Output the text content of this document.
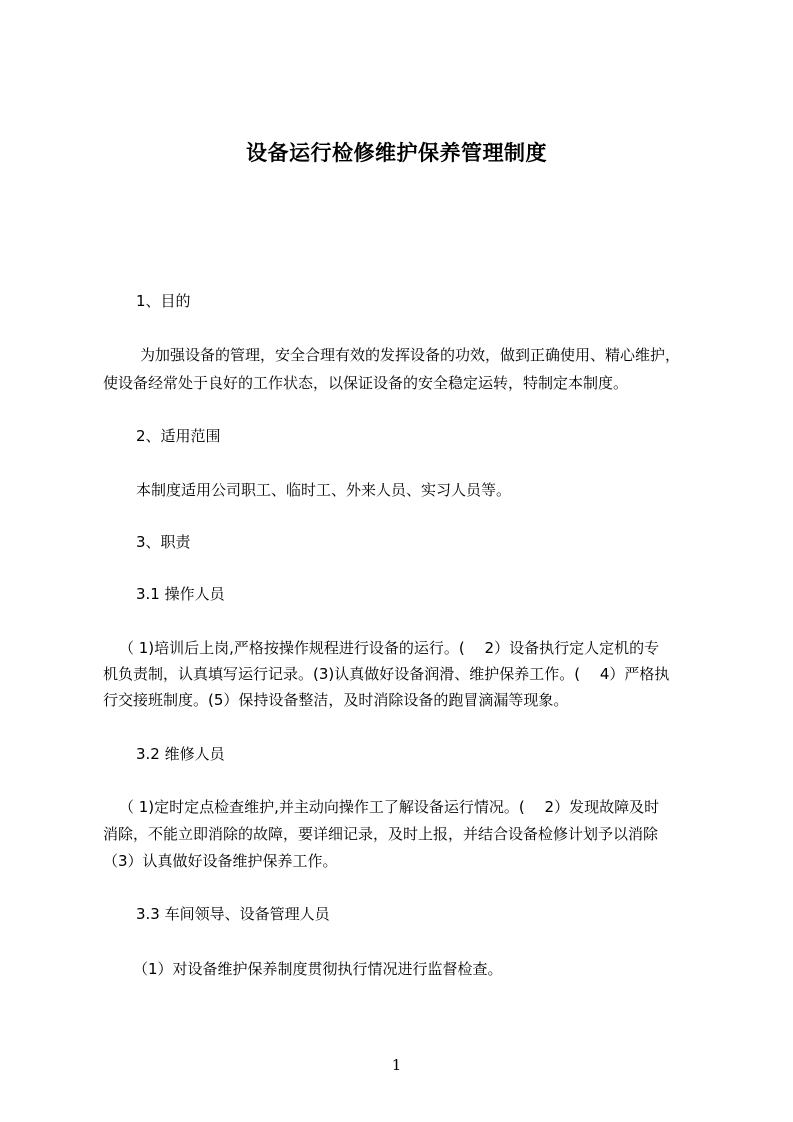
设备运行检修维护保养管理制度
1、目的
为加强设备的管理，安全合理有效的发挥设备的功效，做到正确使用、精心维护，
使设备经常处于良好的工作状态，以保证设备的安全稳定运转，特制定本制度。
2、适用范围
本制度适用公司职工、临时工、外来人员、实习人员等。
3、职责
3.1 操作人员
（ 1)培训后上岗,严格按操作规程进行设备的运行。(　 2）设备执行定人定机的专
机负责制，认真填写运行记录。(3)认真做好设备润滑、维护保养工作。(　 4）严格执
行交接班制度。(5）保持设备整洁，及时消除设备的跑冒滴漏等现象。
3.2 维修人员
（ 1)定时定点检查维护,并主动向操作工了解设备运行情况。(　 2）发现故障及时
消除，不能立即消除的故障，要详细记录，及时上报，并结合设备检修计划予以消除
（3）认真做好设备维护保养工作。
3.3 车间领导、设备管理人员
（1）对设备维护保养制度贯彻执行情况进行监督检查。
1
